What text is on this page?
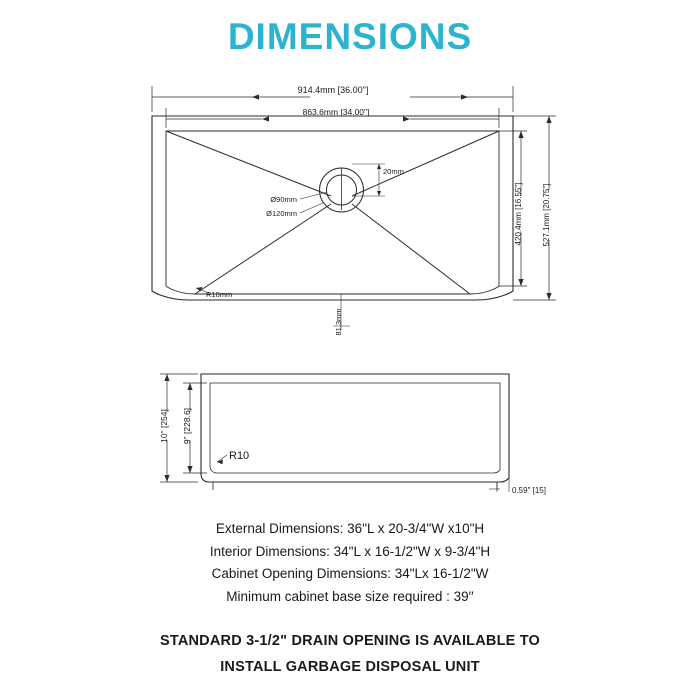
DIMENSIONS
914.4mm [36.00"]
863.6mm [34.00"]
Ø90mm
Ø120mm
20mm
R10mm
81.3mm
420.4mm [16.55"] 527.1mm [20.75"]
10" [254] 9" [228.6]
R10
0.59" [15]
External Dimensions: 36"L x 20-3/4"W x10"H
Interior Dimensions: 34"L x 16-1/2"W x 9-3/4"H
Cabinet Opening Dimensions: 34"Lx 16-1/2"W
Minimum cabinet base size required : 39′′
STANDARD 3-1/2" DRAIN OPENING IS AVAILABLE TO
INSTALL GARBAGE DISPOSAL UNIT
